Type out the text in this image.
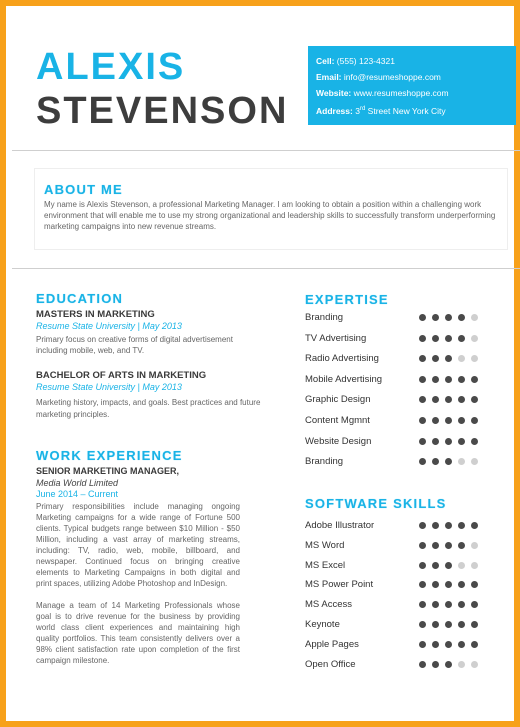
ALEXIS
STEVENSON
Cell: (555) 123-4321
Email: info@resumeshoppe.com
Website: www.resumeshoppe.com
Address: 3rd Street New York City
ABOUT ME
My name is Alexis Stevenson, a professional Marketing Manager. I am looking to obtain a position within a challenging work environment that will enable me to use my strong organizational and leadership skills to successfully transform underperforming marketing campaigns into new revenue streams.
EDUCATION
MASTERS IN MARKETING
Resume State University | May 2013
Primary focus on creative forms of digital advertisement including mobile, web, and TV.
BACHELOR OF ARTS IN MARKETING
Resume State University | May 2013
Marketing history, impacts, and goals. Best practices and future marketing principles.
WORK EXPERIENCE
SENIOR MARKETING MANAGER,
Media World Limited
June 2014 – Current
Primary responsibilities include managing ongoing Marketing campaigns for a wide range of Fortune 500 clients. Typical budgets range between $10 Million - $50 Million, including a vast array of marketing streams, including: TV, radio, web, mobile, billboard, and newspaper. Continued focus on bringing creative elements to Marketing Campaigns in both digital and print spaces, utilizing Adobe Photoshop and InDesign.
Manage a team of 14 Marketing Professionals whose goal is to drive revenue for the business by providing world class client experiences and maintaining high quality portfolios. This team consistently delivers over a 98% client satisfaction rate upon completion of the first campaign milestone.
EXPERTISE
Branding
TV Advertising
Radio Advertising
Mobile Advertising
Graphic Design
Content Mgmnt
Website Design
Branding
SOFTWARE SKILLS
Adobe Illustrator
MS Word
MS Excel
MS Power Point
MS Access
Keynote
Apple Pages
Open Office
